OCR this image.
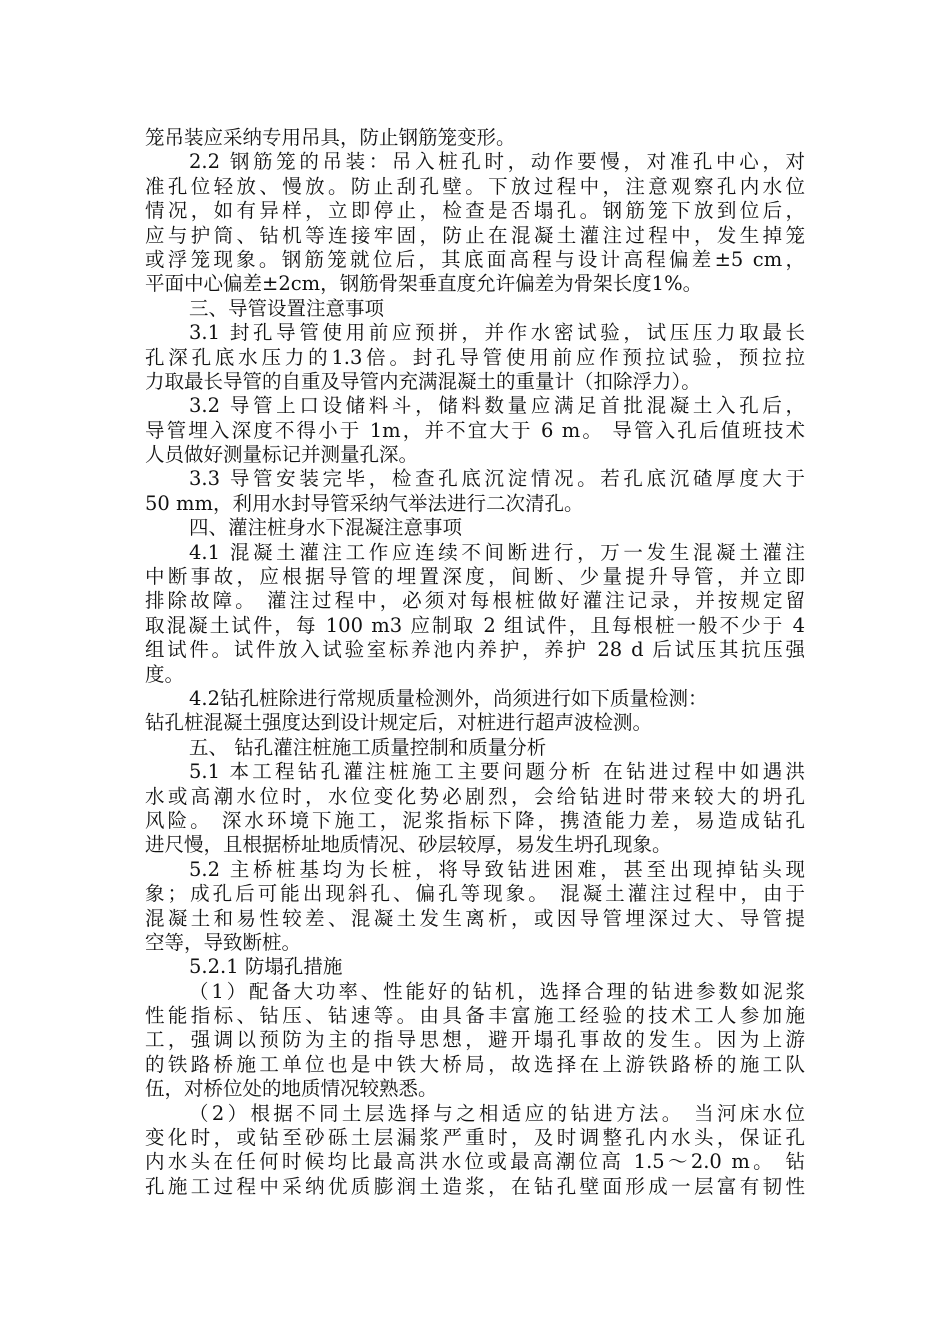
笼吊装应采纳专用吊具，防止钢筋笼变形。
2.2 钢筋笼的吊装：吊入桩孔时，动作要慢，对准孔中心，对
准孔位轻放、慢放。防止刮孔壁。下放过程中，注意观察孔内水位
情况，如有异样，立即停止，检查是否塌孔。钢筋笼下放到位后，
应与护筒、钻机等连接牢固，防止在混凝土灌注过程中，发生掉笼
或浮笼现象。钢筋笼就位后，其底面高程与设计高程偏差±5 cm，
平面中心偏差±2cm，钢筋骨架垂直度允许偏差为骨架长度1%。
三、导管设置注意事项
3.1 封孔导管使用前应预拼，并作水密试验，试压压力取最长
孔深孔底水压力的1.3倍。封孔导管使用前应作预拉试验，预拉拉
力取最长导管的自重及导管内充满混凝土的重量计（扣除浮力）。
3.2 导管上口设储料斗，储料数量应满足首批混凝土入孔后，
导管埋入深度不得小于 1m，并不宜大于 6 m。 导管入孔后值班技术
人员做好测量标记并测量孔深。
3.3 导管安装完毕，检查孔底沉淀情况。若孔底沉碴厚度大于
50 mm，利用水封导管采纳气举法进行二次清孔。
四、灌注桩身水下混凝注意事项
4.1 混凝土灌注工作应连续不间断进行，万一发生混凝土灌注
中断事故，应根据导管的埋置深度，间断、少量提升导管，并立即
排除故障。 灌注过程中，必须对每根桩做好灌注记录，并按规定留
取混凝土试件，每 100 m3 应制取 2 组试件，且每根桩一般不少于 4
组试件。试件放入试验室标养池内养护，养护 28 d 后试压其抗压强
度。
4.2钻孔桩除进行常规质量检测外，尚须进行如下质量检测：
钻孔桩混凝土强度达到设计规定后，对桩进行超声波检测。
五、 钻孔灌注桩施工质量控制和质量分析
5.1 本工程钻孔灌注桩施工主要问题分析 在钻进过程中如遇洪
水或高潮水位时，水位变化势必剧烈，会给钻进时带来较大的坍孔
风险。 深水环境下施工，泥浆指标下降，携渣能力差，易造成钻孔
进尺慢，且根据桥址地质情况、砂层较厚，易发生坍孔现象。
5.2 主桥桩基均为长桩，将导致钻进困难，甚至出现掉钻头现
象；成孔后可能出现斜孔、偏孔等现象。 混凝土灌注过程中，由于
混凝土和易性较差、混凝土发生离析，或因导管埋深过大、导管提
空等，导致断桩。
5.2.1 防塌孔措施
（1）配备大功率、性能好的钻机，选择合理的钻进参数如泥浆
性能指标、钻压、钻速等。由具备丰富施工经验的技术工人参加施
工，强调以预防为主的指导思想，避开塌孔事故的发生。因为上游
的铁路桥施工单位也是中铁大桥局，故选择在上游铁路桥的施工队
伍，对桥位处的地质情况较熟悉。
（2）根据不同土层选择与之相适应的钻进方法。 当河床水位
变化时，或钻至砂砾土层漏浆严重时，及时调整孔内水头，保证孔
内水头在任何时候均比最高洪水位或最高潮位高 1.5～2.0 m。 钻
孔施工过程中采纳优质膨润土造浆，在钻孔壁面形成一层富有韧性
